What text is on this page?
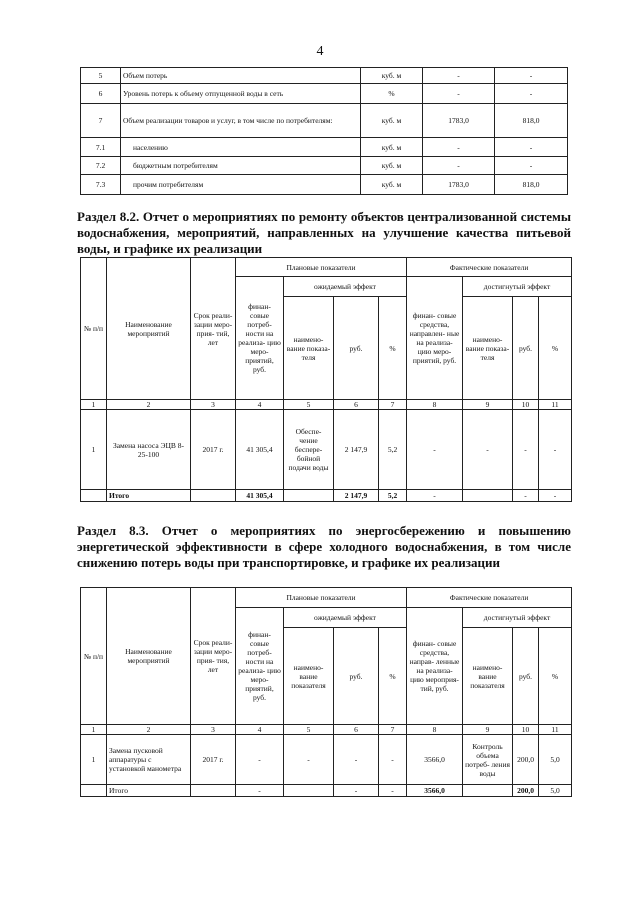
4
5	Объем потерь	куб. м	-	-
6	Уровень потерь к объему отпущенной воды в сеть	%	-	-
7	Объем реализации товаров и услуг, в том числе по потребителям:	куб. м	1783,0	818,0
7.1	населению	куб. м	-	-
7.2	бюджетным потребителям	куб. м	-	-
7.3	прочим потребителям	куб. м	1783,0	818,0
Раздел 8.2. Отчет о мероприятиях по ремонту объектов централизованной системы водоснабжения, мероприятий, направленных на улучшение качества питьевой воды, и графике их реализации
№ п/п	Наименование мероприятий	Срок реали- зации меро- прия- тий, лет	Плановые показатели				Фактические показатели			
			финан- совые потреб- ности на реализа- цию меро- приятий, руб.	ожидаемый эффект			финан- совые средства, направлен- ные на реализа- цию меро- приятий, руб.	достигнутый эффект		
				наимено- вание показа- теля	руб.	%		наимено- вание показа- теля	руб.	%
1	2	3	4	5	6	7	8	9	10	11
1	Замена насоса ЭЦВ 8-25-100	2017 г.	41 305,4	Обеспе- чение беспере- бойной подачи воды	2 147,9	5,2	-	-	-	-
	Итого		41 305,4		2 147,9	5,2	-		-	-
Раздел 8.3. Отчет о мероприятиях по энергосбережению и повышению энергетической эффективности в сфере холодного водоснабжения, в том числе снижению потерь воды при транспортировке, и графике их реализации
№ п/п	Наименование мероприятий	Срок реали- зации меро- прия- тия, лет	Плановые показатели				Фактические показатели			
			финан- совые потреб- ности на реализа- цию меро- приятий, руб.	ожидаемый эффект			финан- совые средства, направ- ленные на реализа- цию мероприя- тий, руб.	достигнутый эффект		
				наимено- вание показателя	руб.	%		наимено- вание показателя	руб.	%
1	2	3	4	5	6	7	8	9	10	11
1	Замена пусковой аппаратуры с установкой манометра	2017 г.	-	-	-	-	3566,0	Контроль объема потреб- ления воды	200,0	5,0
	Итого		-		-	-	3566,0		200,0	5,0
